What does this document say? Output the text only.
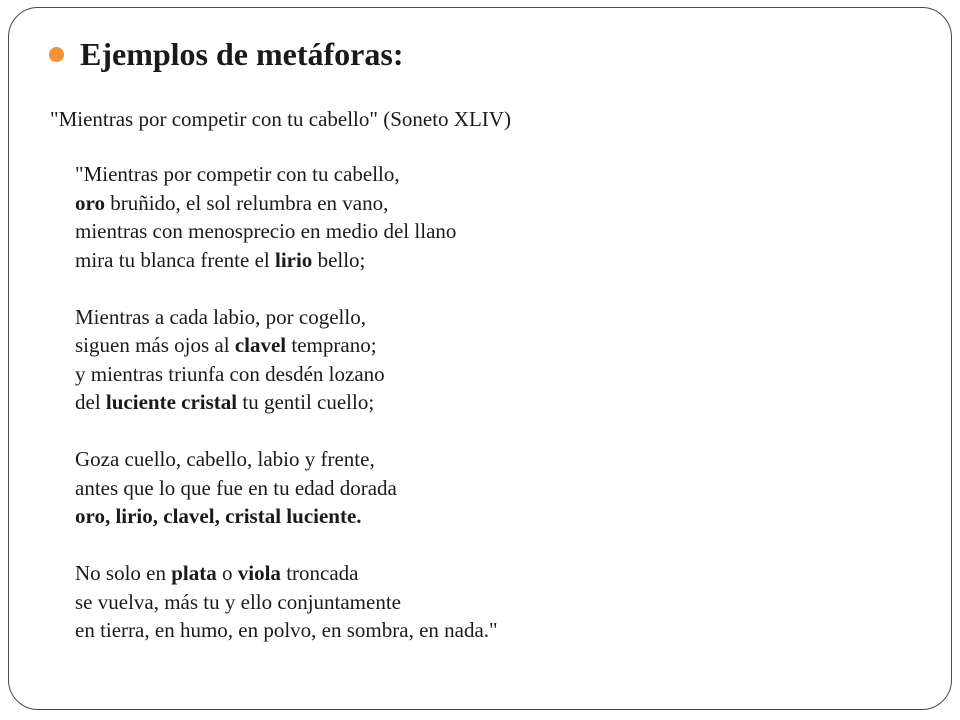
Ejemplos de metáforas:
"Mientras por competir con tu cabello" (Soneto XLIV)
"Mientras por competir con tu cabello,
oro bruñido, el sol relumbra en vano,
mientras con menosprecio en medio del llano
mira tu blanca frente el lirio bello;
Mientras a cada labio, por cogello,
siguen más ojos al clavel temprano;
y mientras triunfa con desdén lozano
del luciente cristal tu gentil cuello;
Goza cuello, cabello, labio y frente,
antes que lo que fue en tu edad dorada
oro, lirio, clavel, cristal luciente.
No solo en plata o viola troncada
se vuelva, más tu y ello conjuntamente
en tierra, en humo, en polvo, en sombra, en nada."
